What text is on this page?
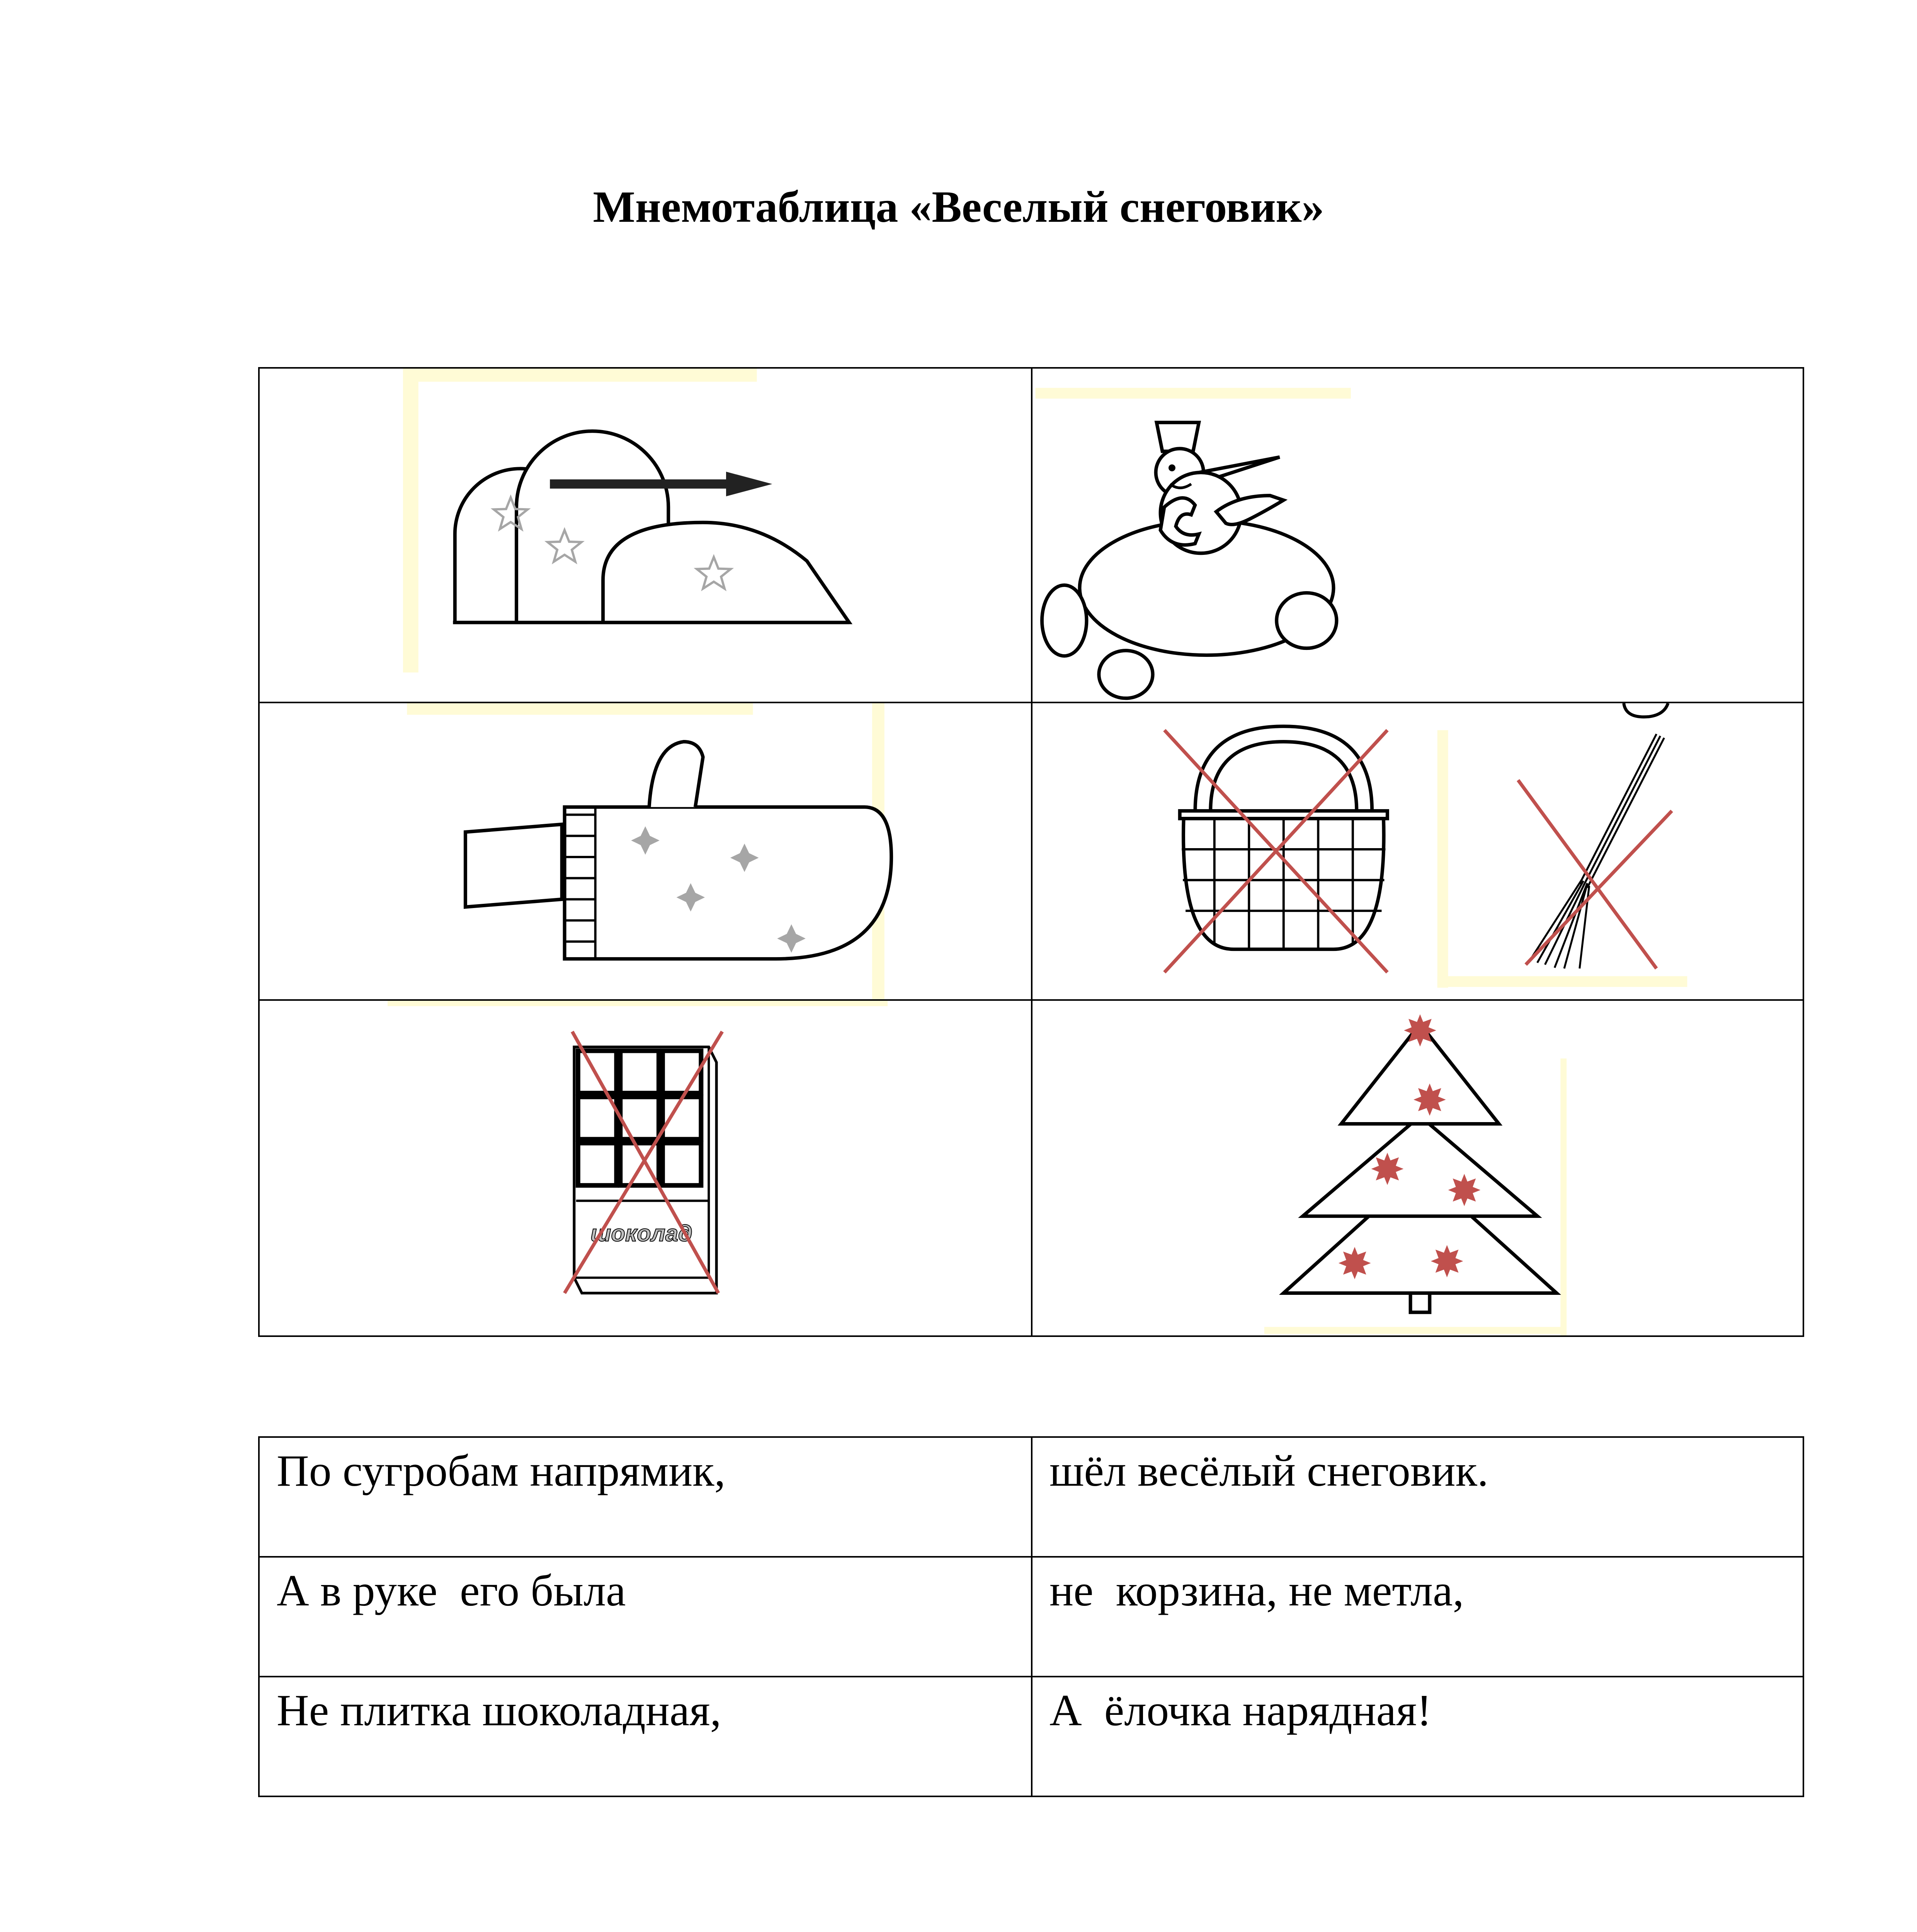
Мнемотаблица «Веселый снеговик»

шоколад

По сугробам напрямик,	шёл весёлый снеговик.
А в руке  его была	не  корзина, не метла,
Не плитка шоколадная,	А  ёлочка нарядная!
